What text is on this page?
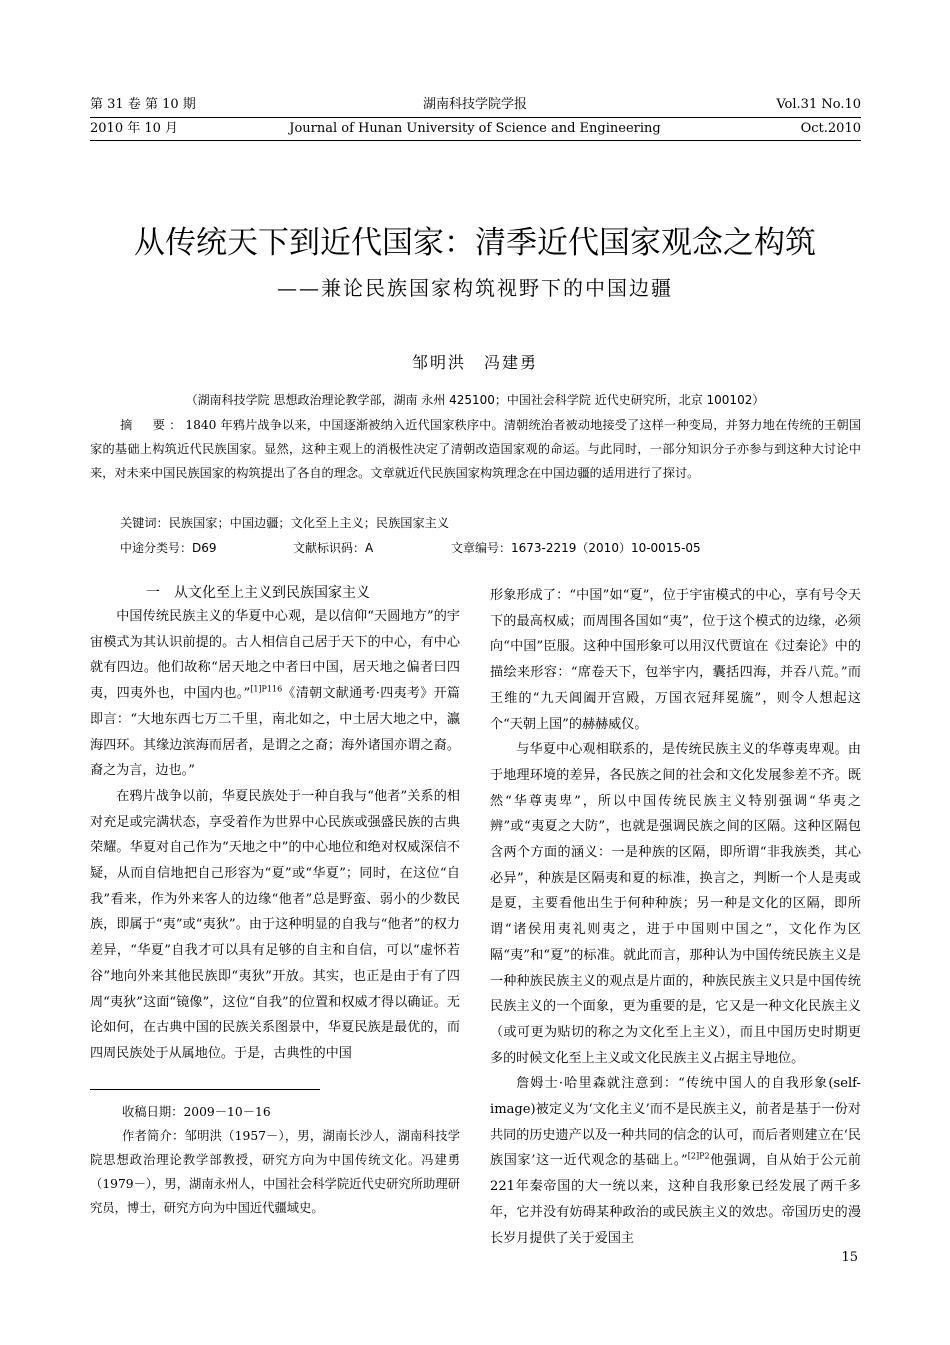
第 31 卷 第 10 期
2010 年 10 月
湖南科技学院学报
Journal of Hunan University of Science and Engineering
Vol.31 No.10
Oct.2010
从传统天下到近代国家：清季近代国家观念之构筑
——兼论民族国家构筑视野下的中国边疆
邹明洪　冯建勇
（湖南科技学院 思想政治理论教学部，湖南 永州 425100；中国社会科学院 近代史研究所，北京 100102）
摘　要：1840 年鸦片战争以来，中国逐渐被纳入近代国家秩序中。清朝统治者被动地接受了这样一种变局，并努力地在传统的王朝国家的基础上构筑近代民族国家。显然，这种主观上的消极性决定了清朝改造国家观的命运。与此同时，一部分知识分子亦参与到这种大讨论中来，对未来中国民族国家的构筑提出了各自的理念。文章就近代民族国家构筑理念在中国边疆的适用进行了探讨。
关键词：民族国家；中国边疆；文化至上主义；民族国家主义
中途分类号：D69	文献标识码：A	文章编号：1673-2219（2010）10-0015-05
一　从文化至上主义到民族国家主义

中国传统民族主义的华夏中心观，是以信仰“天圆地方”的宇宙模式为其认识前提的。古人相信自己居于天下的中心，有中心就有四边。他们故称“居天地之中者曰中国，居天地之偏者曰四夷，四夷外也，中国内也。”$^{[1]P116}$《清朝文献通考·四夷考》开篇即言：“大地东西七万二千里，南北如之，中土居大地之中，瀛海四环。其缘边滨海而居者，是谓之之裔；海外诸国亦谓之裔。裔之为言，边也。”

在鸦片战争以前，华夏民族处于一种自我与“他者”关系的相对充足或完满状态，享受着作为世界中心民族或强盛民族的古典荣耀。华夏对自己作为“天地之中”的中心地位和绝对权威深信不疑，从而自信地把自己形容为“夏”或“华夏”；同时，在这位“自我”看来，作为外来客人的边缘“他者”总是野蛮、弱小的少数民族，即属于“夷”或“夷狄”。由于这种明显的自我与“他者”的权力差异，“华夏”自我才可以具有足够的自主和自信，可以“虚怀若谷”地向外来其他民族即“夷狄”开放。其实，也正是由于有了四周“夷狄”这面“镜像”，这位“自我”的位置和权威才得以确证。无论如何，在古典中国的民族关系图景中，华夏民族是最优的，而四周民族处于从属地位。于是，古典性的中国

形象形成了：“中国”如“夏”，位于宇宙模式的中心，享有号令天下的最高权威；而周围各国如“夷”，位于这个模式的边缘，必须向“中国”臣服。这种中国形象可以用汉代贾谊在《过秦论》中的描绘来形容：“席卷天下，包举宇内，囊括四海，并吞八荒。”而王维的“九天阊阖开宫殿，万国衣冠拜冕旒”，则令人想起这个“天朝上国”的赫赫威仪。

与华夏中心观相联系的，是传统民族主义的华尊夷卑观。由于地理环境的差异，各民族之间的社会和文化发展参差不齐。既然“华尊夷卑”，所以中国传统民族主义特别强调“华夷之辨”或“夷夏之大防”，也就是强调民族之间的区隔。这种区隔包含两个方面的涵义：一是种族的区隔，即所谓“非我族类，其心必异”，种族是区隔夷和夏的标准，换言之，判断一个人是夷或是夏，主要看他出生于何种种族；另一种是文化的区隔，即所谓“诸侯用夷礼则夷之，进于中国则中国之”，文化作为区隔“夷”和“夏”的标准。就此而言，那种认为中国传统民族主义是一种种族民族主义的观点是片面的，种族民族主义只是中国传统民族主义的一个面象，更为重要的是，它又是一种文化民族主义（或可更为贴切的称之为文化至上主义），而且中国历史时期更多的时候文化至上主义或文化民族主义占据主导地位。

詹姆士·哈里森就注意到：“传统中国人的自我形象(self-image)被定义为‘文化主义’而不是民族主义，前者是基于一份对共同的历史遗产以及一种共同的信念的认可，而后者则建立在‘民族国家’这一近代观念的基础上。”$^{[2]P2}$他强调，自从始于公元前221年秦帝国的大一统以来，这种自我形象已经发展了两千多年，它并没有妨碍某种政治的或民族主义的效忠。帝国历史的漫长岁月提供了关于爱国主

收稿日期：2009－10－16

作者简介：邹明洪（1957－），男，湖南长沙人，湖南科技学院思想政治理论教学部教授，研究方向为中国传统文化。冯建勇（1979－），男，湖南永州人，中国社会科学院近代史研究所助理研究员，博士，研究方向为中国近代疆域史。

15
